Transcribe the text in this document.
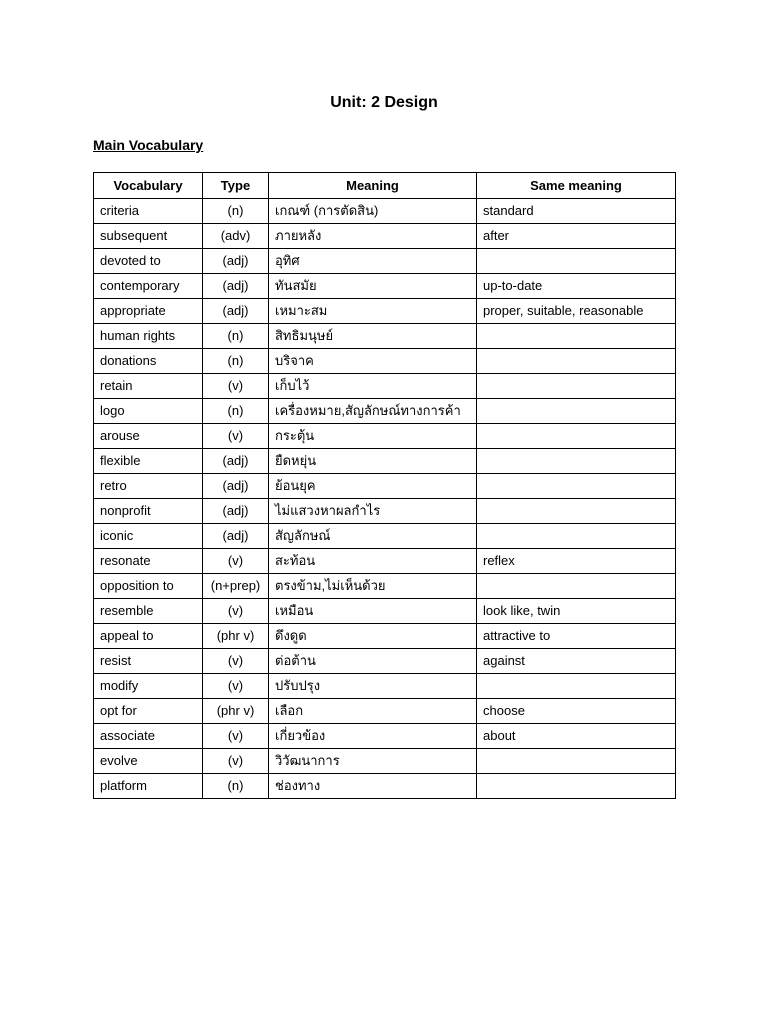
Unit: 2 Design
Main Vocabulary
Vocabulary	Type	Meaning	Same meaning
criteria	(n)	เกณฑ์ (การตัดสิน)	standard
subsequent	(adv)	ภายหลัง	after
devoted to	(adj)	อุทิศ	
contemporary	(adj)	ทันสมัย	up-to-date
appropriate	(adj)	เหมาะสม	proper, suitable, reasonable
human rights	(n)	สิทธิมนุษย์	
donations	(n)	บริจาค	
retain	(v)	เก็บไว้	
logo	(n)	เครื่องหมาย,สัญลักษณ์ทางการค้า	
arouse	(v)	กระตุ้น	
flexible	(adj)	ยืดหยุ่น	
retro	(adj)	ย้อนยุค	
nonprofit	(adj)	ไม่แสวงหาผลกำไร	
iconic	(adj)	สัญลักษณ์	
resonate	(v)	สะท้อน	reflex
opposition to	(n+prep)	ตรงข้าม,ไม่เห็นด้วย	
resemble	(v)	เหมือน	look like, twin
appeal to	(phr v)	ดึงดูด	attractive to
resist	(v)	ต่อต้าน	against
modify	(v)	ปรับปรุง	
opt for	(phr v)	เลือก	choose
associate	(v)	เกี่ยวข้อง	about
evolve	(v)	วิวัฒนาการ	
platform	(n)	ช่องทาง	
